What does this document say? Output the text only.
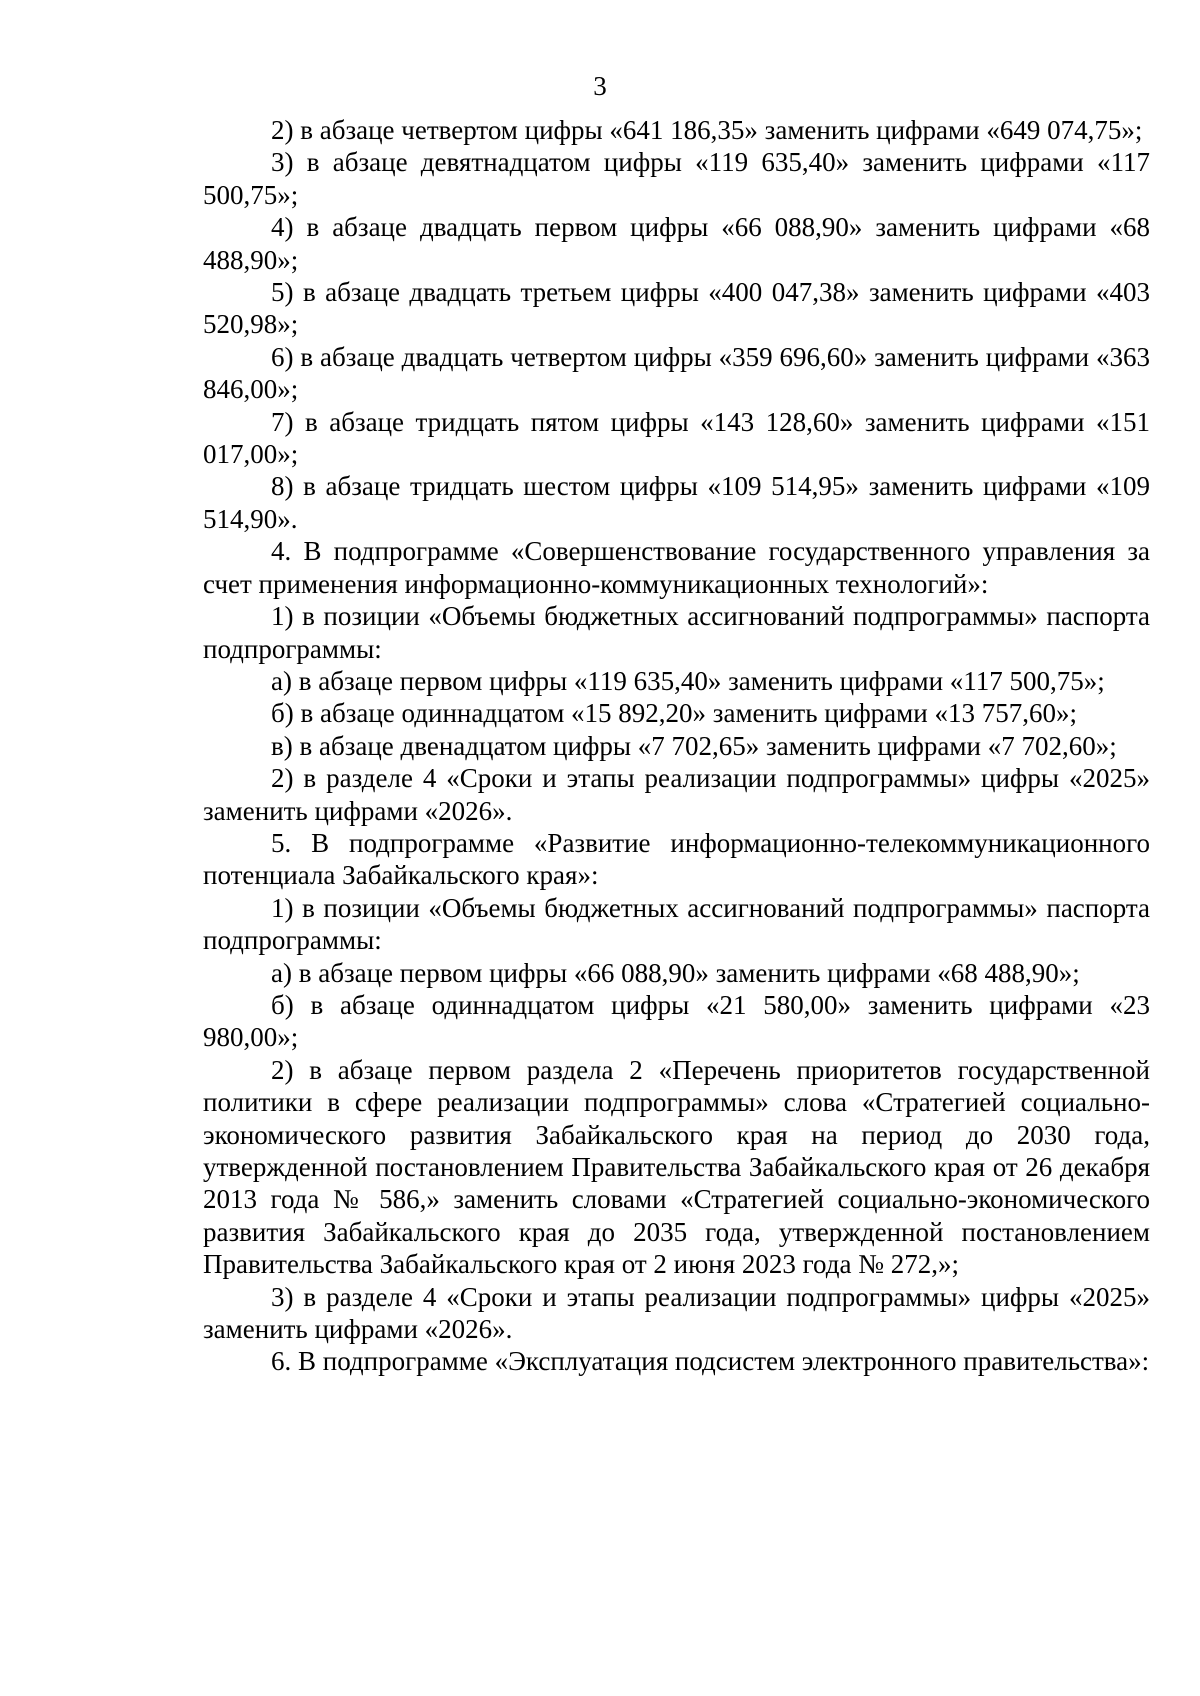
3

2) в абзаце четвертом цифры «641 186,35» заменить цифрами «649 074,75»;

3) в абзаце девятнадцатом цифры «119 635,40» заменить цифрами «117 500,75»;

4) в абзаце двадцать первом цифры «66 088,90» заменить цифрами «68 488,90»;

5) в абзаце двадцать третьем цифры «400 047,38» заменить цифрами «403 520,98»;

6) в абзаце двадцать четвертом цифры «359 696,60» заменить цифрами «363 846,00»;

7) в абзаце тридцать пятом цифры «143 128,60» заменить цифрами «151 017,00»;

8) в абзаце тридцать шестом цифры «109 514,95» заменить цифрами «109 514,90».

4. В подпрограмме «Совершенствование государственного управления за счет применения информационно-коммуникационных технологий»:

1) в позиции «Объемы бюджетных ассигнований подпрограммы» паспорта подпрограммы:

а) в абзаце первом цифры «119 635,40» заменить цифрами «117 500,75»;

б) в абзаце одиннадцатом «15 892,20» заменить цифрами «13 757,60»;

в) в абзаце двенадцатом цифры «7 702,65» заменить цифрами «7 702,60»;

2) в разделе 4 «Сроки и этапы реализации подпрограммы» цифры «2025» заменить цифрами «2026».

5. В подпрограмме «Развитие информационно-телекоммуникационного потенциала Забайкальского края»:

1) в позиции «Объемы бюджетных ассигнований подпрограммы» паспорта подпрограммы:

а) в абзаце первом цифры «66 088,90» заменить цифрами «68 488,90»;

б) в абзаце одиннадцатом цифры «21 580,00» заменить цифрами «23 980,00»;

2) в абзаце первом раздела 2 «Перечень приоритетов государственной политики в сфере реализации подпрограммы» слова «Стратегией социально-экономического развития Забайкальского края на период до 2030 года, утвержденной постановлением Правительства Забайкальского края от 26 декабря 2013 года № 586,» заменить словами «Стратегией социально-экономического развития Забайкальского края до 2035 года, утвержденной постановлением Правительства Забайкальского края от 2 июня 2023 года № 272,»;

3) в разделе 4 «Сроки и этапы реализации подпрограммы» цифры «2025» заменить цифрами «2026».

6. В подпрограмме «Эксплуатация подсистем электронного правительства»:
